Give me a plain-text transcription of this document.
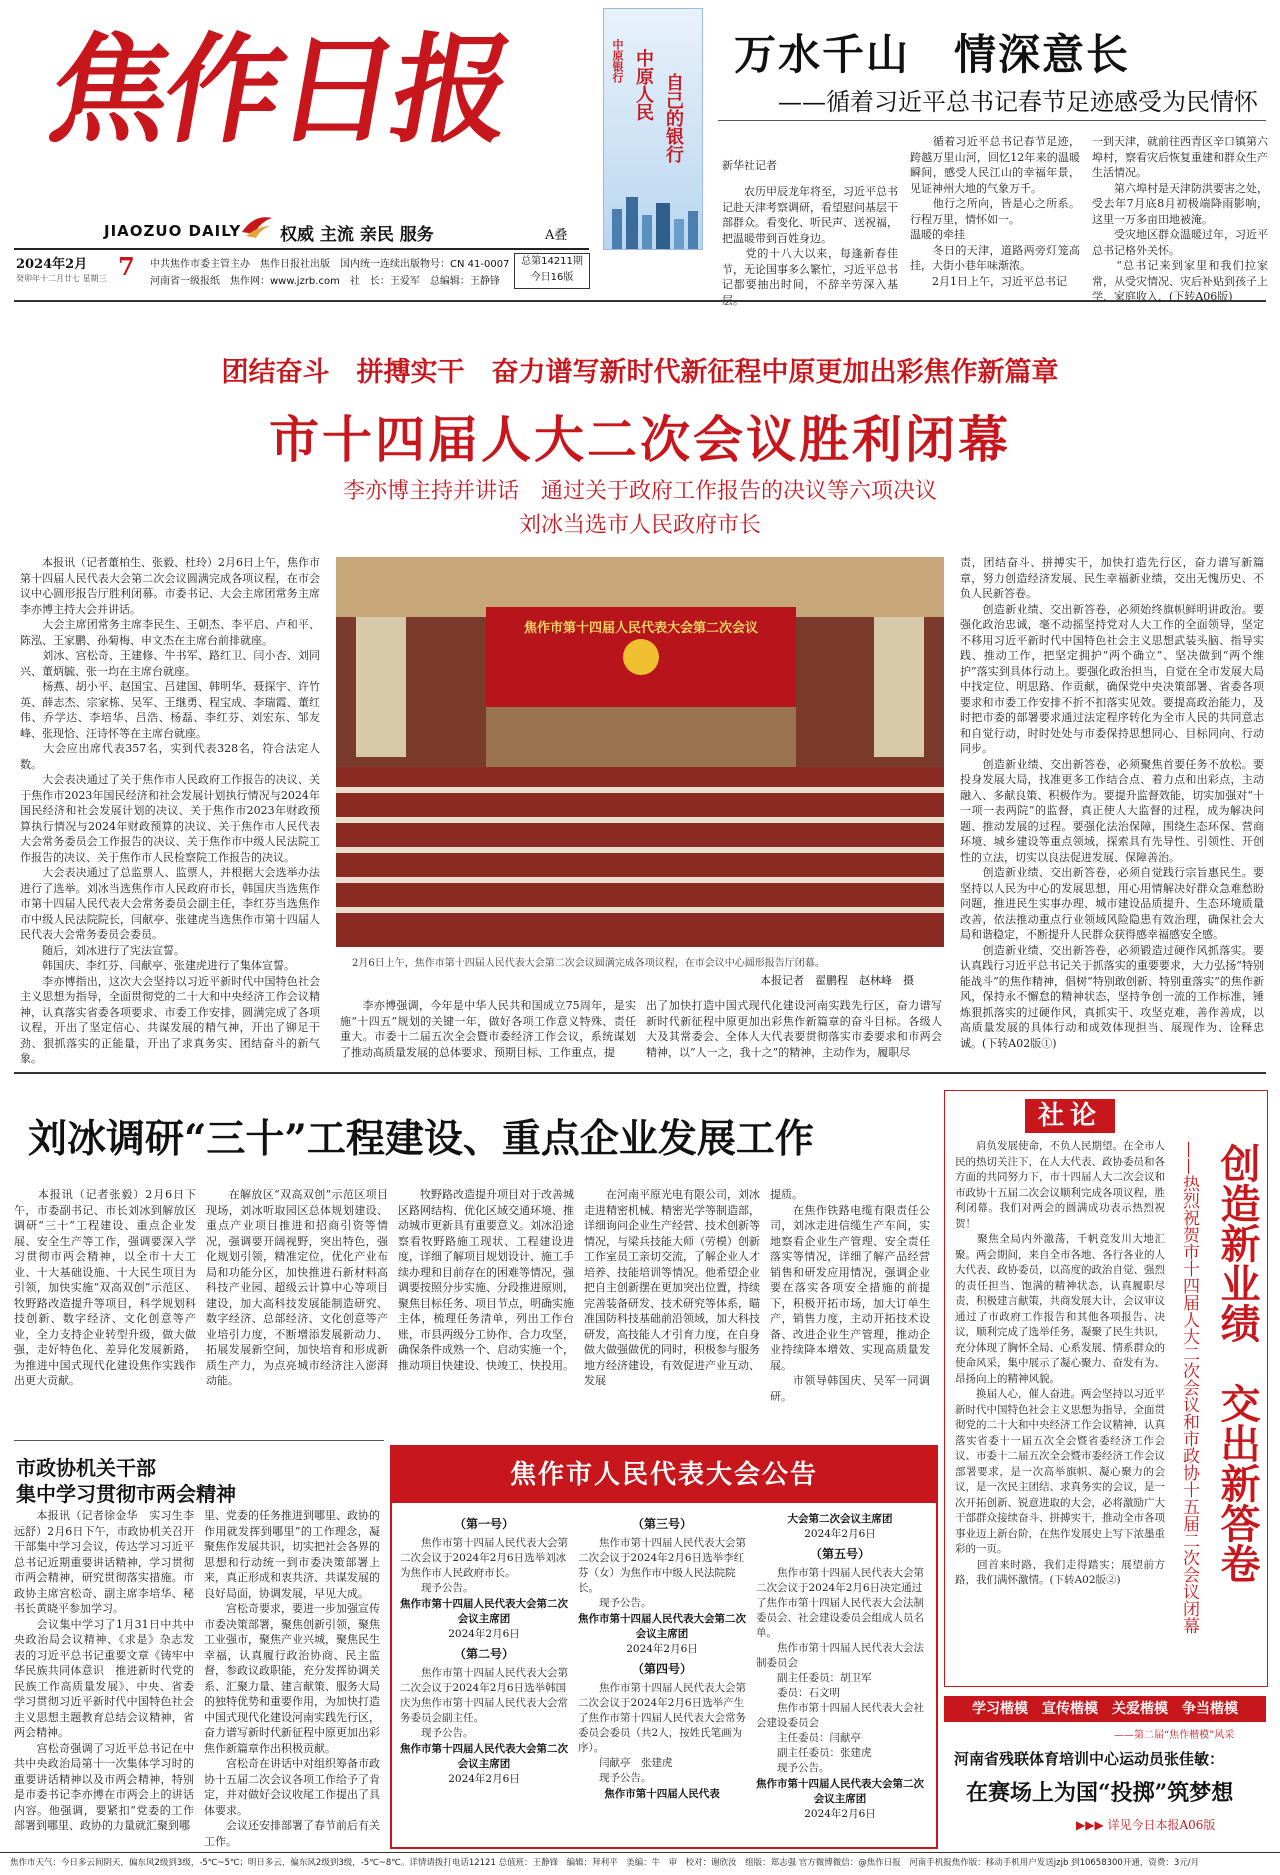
焦作日报
JIAOZUO DAILY 权威 主流 亲民 服务	A叠
2024年2月 7
癸卯年十二月廿七 星期三
中共焦作市委主管主办　焦作日报社出版　国内统一连续出版物号：CN 41-0007
河南省一级报纸　焦作网：www.jzrb.com　社　长：王爱军　总编辑：王静锋
总第14211期
今日16版
中原银行 中原人民 自己的银行
万水千山　情深意长
——循着习近平总书记春节足迹感受为民情怀
新华社记者
　　农历甲辰龙年将至，习近平总书记赴天津考察调研，看望慰问基层干部群众。看变化、听民声、送祝福，把温暖带到百姓身边。
　　党的十八大以来，每逢新春佳节，无论国事多么繁忙，习近平总书记都要抽出时间，不辞辛劳深入基层。
　　循着习近平总书记春节足迹，跨越万里山河，回忆12年来的温暖瞬间，感受人民江山的幸福年景，见证神州大地的气象万千。
　　他行之所向，皆是心之所系。行程万里，情怀如一。
温暖的牵挂
　　冬日的天津，道路两旁灯笼高挂，大街小巷年味渐浓。
　　2月1日上午，习近平总书记
一到天津，就前往西青区辛口镇第六埠村，察看灾后恢复重建和群众生产生活情况。
　　第六埠村是天津防洪要害之处，受去年7月底8月初极端降雨影响，这里一万多亩田地被淹。
　　受灾地区群众温暖过年，习近平总书记格外关怀。
　　“总书记来到家里和我们拉家常，从受灾情况、灾后补贴到孩子上学、家庭收入，(下转A06版)
团结奋斗　拼搏实干　奋力谱写新时代新征程中原更加出彩焦作新篇章
市十四届人大二次会议胜利闭幕
李亦博主持并讲话　通过关于政府工作报告的决议等六项决议
刘冰当选市人民政府市长
　　本报讯（记者董柏生、张毅、杜玲）2月6日上午，焦作市第十四届人民代表大会第二次会议圆满完成各项议程，在市会议中心圆形报告厅胜利闭幕。市委书记、大会主席团常务主席李亦博主持大会并讲话。
　　大会主席团常务主席李民生、王朝杰、李平启、卢和平、陈泓、王家鹏、孙菊梅、申文杰在主席台前排就座。
　　刘冰、宫松奇、王建修、牛书军、路红卫、闫小杏、刘同兴、董炳毓、张一均在主席台就座。
　　杨燕、胡小平、赵国宝、吕建国、韩明华、聂探宇、许竹英、薛志杰、宗家栋、吴军、王继勇、程宝成、李瑞霞、董红伟、乔学达、李培华、吕浩、杨磊、李红芬、刘宏东、邹友峰、张现恰、汪诗怀等在主席台就座。
　　大会应出席代表357名，实到代表328名，符合法定人数。
　　大会表决通过了关于焦作市人民政府工作报告的决议、关于焦作市2023年国民经济和社会发展计划执行情况与2024年国民经济和社会发展计划的决议、关于焦作市2023年财政预算执行情况与2024年财政预算的决议、关于焦作市人民代表大会常务委员会工作报告的决议、关于焦作市中级人民法院工作报告的决议、关于焦作市人民检察院工作报告的决议。
　　大会表决通过了总监票人、监票人，并根据大会选举办法进行了选举。刘冰当选焦作市人民政府市长，韩国庆当选焦作市第十四届人民代表大会常务委员会副主任，李红芬当选焦作市中级人民法院院长，闫献亭、张建虎当选焦作市第十四届人民代表大会常务委员会委员。
　　随后，刘冰进行了宪法宣誓。
　　韩国庆、李红芬、闫献亭、张建虎进行了集体宣誓。
　　李亦博指出，这次大会坚持以习近平新时代中国特色社会主义思想为指导，全面贯彻党的二十大和中央经济工作会议精神，认真落实省委各项要求、市委工作安排，圆满完成了各项议程，开出了坚定信心、共谋发展的精气神，开出了铆足干劲、狠抓落实的正能量，开出了求真务实、团结奋斗的新气象。
焦作市第十四届人民代表大会第二次会议
2月6日上午，焦作市第十四届人民代表大会第二次会议圆满完成各项议程，在市会议中心圆形报告厅闭幕。
本报记者　翟鹏程　赵林峰　摄
　　李亦博强调，今年是中华人民共和国成立75周年，是实施“十四五”规划的关键一年，做好各项工作意义特殊、责任重大。市委十二届五次全会暨市委经济工作会议，系统谋划了推动高质量发展的总体要求、预期目标、工作重点，提
出了加快打造中国式现代化建设河南实践先行区，奋力谱写新时代新征程中原更加出彩焦作新篇章的奋斗目标。各级人大及其常委会、全体人大代表要贯彻落实市委要求和市两会精神，以“人一之，我十之”的精神，主动作为，履职尽
责，团结奋斗、拼搏实干，加快打造先行区，奋力谱写新篇章，努力创造经济发展、民生幸福新业绩，交出无愧历史、不负人民新答卷。
　　创造新业绩、交出新答卷，必须始终旗帜鲜明讲政治。要强化政治忠诚，毫不动摇坚持党对人大工作的全面领导，坚定不移用习近平新时代中国特色社会主义思想武装头脑、指导实践、推动工作，把坚定拥护“两个确立”、坚决做到“两个维护”落实到具体行动上。要强化政治担当，自觉在全市发展大局中找定位、明思路、作贡献，确保党中央决策部署、省委各项要求和市委工作安排不折不扣落实见效。要提高政治能力，及时把市委的部署要求通过法定程序转化为全市人民的共同意志和自觉行动，时时处处与市委保持思想同心、目标同向、行动同步。
　　创造新业绩、交出新答卷，必须聚焦首要任务不放松。要投身发展大局，找准更多工作结合点、着力点和出彩点，主动融入、多献良策、积极作为。要提升监督效能，切实加强对“十一项一表两院”的监督，真正使人大监督的过程，成为解决问题、推动发展的过程。要强化法治保障，围绕生态环保、营商环境、城乡建设等重点领域，探索具有先导性、引领性、开创性的立法，切实以良法促进发展、保障善治。
　　创造新业绩、交出新答卷，必须自觉践行宗旨惠民生。要坚持以人民为中心的发展思想，用心用情解决好群众急难愁盼问题，推进民生实事办理、城市建设品质提升、生态环境质量改善，依法推动重点行业领域风险隐患有效治理，确保社会大局和谐稳定，不断提升人民群众获得感幸福感安全感。
　　创造新业绩、交出新答卷，必须锻造过硬作风抓落实。要认真践行习近平总书记关于抓落实的重要要求，大力弘扬“特别能战斗”的焦作精神，倡树“特别敢创新、特别重落实”的焦作新风，保持永不懈怠的精神状态，坚持争创一流的工作标准，锤炼狠抓落实的过硬作风，真抓实干、攻坚克难，善作善成，以高质量发展的具体行动和成效体现担当、展现作为、诠释忠诚。(下转A02版①)
刘冰调研“三十”工程建设、重点企业发展工作
　　本报讯（记者张毅）2月6日下午，市委副书记、市长刘冰到解放区调研“三十”工程建设、重点企业发展、安全生产等工作，强调要深入学习贯彻市两会精神，以全市十大工业、十大基础设施、十大民生项目为引领，加快实施“双高双创”示范区、牧野路改造提升等项目，科学规划科技创新、数字经济、文化创意等产业，全力支持企业转型升级，做大做强，走好特色化、差异化发展新路，为推进中国式现代化建设焦作实践作出更大贡献。
　　在解放区“双高双创”示范区项目现场，刘冰听取园区总体规划建设、重点产业项目推进和招商引资等情况，强调要开阔视野，突出特色，强化规划引领，精准定位，优化产业布局和功能分区，加快推进石新材料高科技产业园、超级云计算中心等项目建设，加大高科技发展能制造研究、数字经济、总部经济、文化创意等产业培引力度，不断增添发展新动力、拓展发展新空间，加快培育和形成新质生产力，为点亮城市经济注入澎湃动能。
　　牧野路改造提升项目对于改善城区路网结构、优化区域交通环境、推动城市更新具有重要意义。刘冰沿途察看牧野路施工现状、工程建设进度，详细了解项目规划设计、施工手续办理和目前存在的困难等情况，强调要按照分步实施、分段推进原则，聚焦目标任务、项目节点，明确实施主体，梳理任务清单，列出工作台账，市县两级分工协作、合力攻坚，确保条件成熟一个、启动实施一个，推动项目快建设、快竣工、快投用。
　　在河南平原光电有限公司，刘冰走进精密机械、精密光学等制造部，详细询问企业生产经营、技术创新等情况，与梁兵技能大师（劳模）创新工作室员工亲切交流，了解企业人才培养、技能培训等情况。他希望企业把自主创新摆在更加突出位置，持续完善装备研发、技术研究等体系，瞄准国防科技基础前沿领域，加大科技研发，高技能人才引育力度，在自身做大做强做优的同时，积极参与服务地方经济建设，有效促进产业互动、发展
提质。
　　在焦作铁路电缆有限责任公司，刘冰走进信缆生产车间，实地察看企业生产管理、安全责任落实等情况，详细了解产品经营销售和研发应用情况，强调企业要在落实各项安全措施的前提下，积极开拓市场，加大订单生产，销售力度，主动开拓技术设备、改进企业生产管理，推动企业持续降本增效、实现高质量发展。
　　市领导韩国庆、吴军一同调研。
市政协机关干部
集中学习贯彻市两会精神
　　本报讯（记者徐金华　实习生李远舒）2月6日下午，市政协机关召开干部集中学习会议，传达学习习近平总书记近期重要讲话精神，学习贯彻市两会精神，研究贯彻落实措施。市政协主席宫松奇、副主席李培华、秘书长黄晓平参加学习。
　　会议集中学习了1月31日中共中央政治局会议精神、《求是》杂志发表的习近平总书记重要文章《铸牢中华民族共同体意识　推进新时代党的民族工作高质量发展》、中央、省委学习贯彻习近平新时代中国特色社会主义思想主题教育总结会议精神，省两会精神。
　　宫松奇强调了习近平总书记在中共中央政治局第十一次集体学习时的重要讲话精神以及市两会精神，特别是市委书记李亦博在市两会上的讲话内容。他强调，要紧扣“党委的工作部署到哪里、政协的力量就汇聚到哪
里、党委的任务推进到哪里、政协的作用就发挥到哪里”的工作理念，凝聚焦作发展共识，切实把社会各界的思想和行动统一到市委决策部署上来，真正形成和衷共济、共谋发展的良好局面，协调发展，早见大成。
　　宫松奇要求，要进一步加强宣传市委决策部署，聚焦创新引领，聚焦工业强市，聚焦产业兴城，聚焦民生幸福，认真履行政治协商、民主监督，参政议政职能，充分发挥协调关系、汇聚力量、建言献策、服务大局的独特优势和重要作用，为加快打造中国式现代化建设河南实践先行区，奋力谱写新时代新征程中原更加出彩焦作新篇章作出积极贡献。
　　宫松奇在讲话中对组织筹备市政协十五届二次会议各项工作给予了肯定，并对做好会议收尾工作提出了具体要求。
　　会议还安排部署了春节前后有关工作。
焦作市人民代表大会公告
（第一号）
　　焦作市第十四届人民代表大会第二次会议于2024年2月6日选举刘冰为焦作市人民政府市长。
　　现予公告。
焦作市第十四届人民代表大会第二次会议主席团
2024年2月6日
（第二号）
　　焦作市第十四届人民代表大会第二次会议于2024年2月6日选举韩国庆为焦作市第十四届人民代表大会常务委员会副主任。
　　现予公告。
焦作市第十四届人民代表大会第二次会议主席团
2024年2月6日
（第三号）
　　焦作市第十四届人民代表大会第二次会议于2024年2月6日选举李红芬（女）为焦作市中级人民法院院长。
　　现予公告。
焦作市第十四届人民代表大会第二次会议主席团
2024年2月6日
（第四号）
　　焦作市第十四届人民代表大会第二次会议于2024年2月6日选举产生了焦作市第十四届人民代表大会常务委员会委员（共2人，按姓氏笔画为序）。
　　闫献亭　张建虎
　　现予公告。
焦作市第十四届人民代表
大会第二次会议主席团
2024年2月6日
（第五号）
　　焦作市第十四届人民代表大会第二次会议于2024年2月6日决定通过了焦作市第十四届人民代表大会法制委员会、社会建设委员会组成人员名单。
　　焦作市第十四届人民代表大会法制委员会
　　副主任委员：胡卫军
　　委员：石文明
　　焦作市第十四届人民代表大会社会建设委员会
　　主任委员：闫献亭
　　副主任委员：张建虎
　　现予公告。
焦作市第十四届人民代表大会第二次会议主席团
2024年2月6日
社论
　　肩负发展使命，不负人民期望。在全市人民的热切关注下，在人大代表、政协委员和各方面的共同努力下，市十四届人大二次会议和市政协十五届二次会议顺利完成各项议程，胜利闭幕。我们对两会的圆满成功表示热烈祝贺！
　　聚焦全局内外激荡，千帆竞发川大地汇聚。两会期间，来自全市各地、各行各业的人大代表、政协委员，以高度的政治自觉、强烈的责任担当、饱满的精神状态，认真履职尽责，积极建言献策，共商发展大计，会议审议通过了市政府工作报告和其他各项报告、决议，顺利完成了选举任务，凝聚了民生共识，充分体现了胸怀全局、心系发展、情系群众的使命风采，集中展示了凝心聚力、奋发有为、昂扬向上的精神风貌。
　　换届人心，催人奋进。两会坚持以习近平新时代中国特色社会主义思想为指导，全面贯彻党的二十大和中央经济工作会议精神，认真落实省委十一届五次全会暨省委经济工作会议、市委十二届五次全会暨市委经济工作会议部署要求，是一次高举旗帜、凝心聚力的会议，是一次民主团结、求真务实的会议，是一次开拓创新、锐意进取的大会，必将激励广大干部群众接续奋斗、拼搏实干，推动全市各项事业迈上新台阶，在焦作发展史上写下浓墨重彩的一页。
　　回首来时路，我们走得踏实；展望前方路，我们满怀激情。(下转A02版②)	创造新业绩　交出新答卷
——热烈祝贺市十四届人大二次会议和市政协十五届二次会议闭幕
学习楷模　宣传楷模　关爱楷模　争当楷模
——第二届“焦作楷模”风采
河南省残联体育培训中心运动员张佳敏：
在赛场上为国“投掷”筑梦想
▶▶▶ 详见今日本报A06版
焦作市天气：今日多云间阴天，偏东风2级到3级，-5℃~5℃；明日多云，偏东风2级到3级，-5℃~8℃。详情请拨打电话12121 总值班：王静锋　编辑：拜利平　美编：牛　审　校对：谢欣汝　组版：郑志强 官方微博微信：@焦作日报　河南手机报焦作版：移动手机用户发送jzjb 到10658300开通，资费：3元/月
